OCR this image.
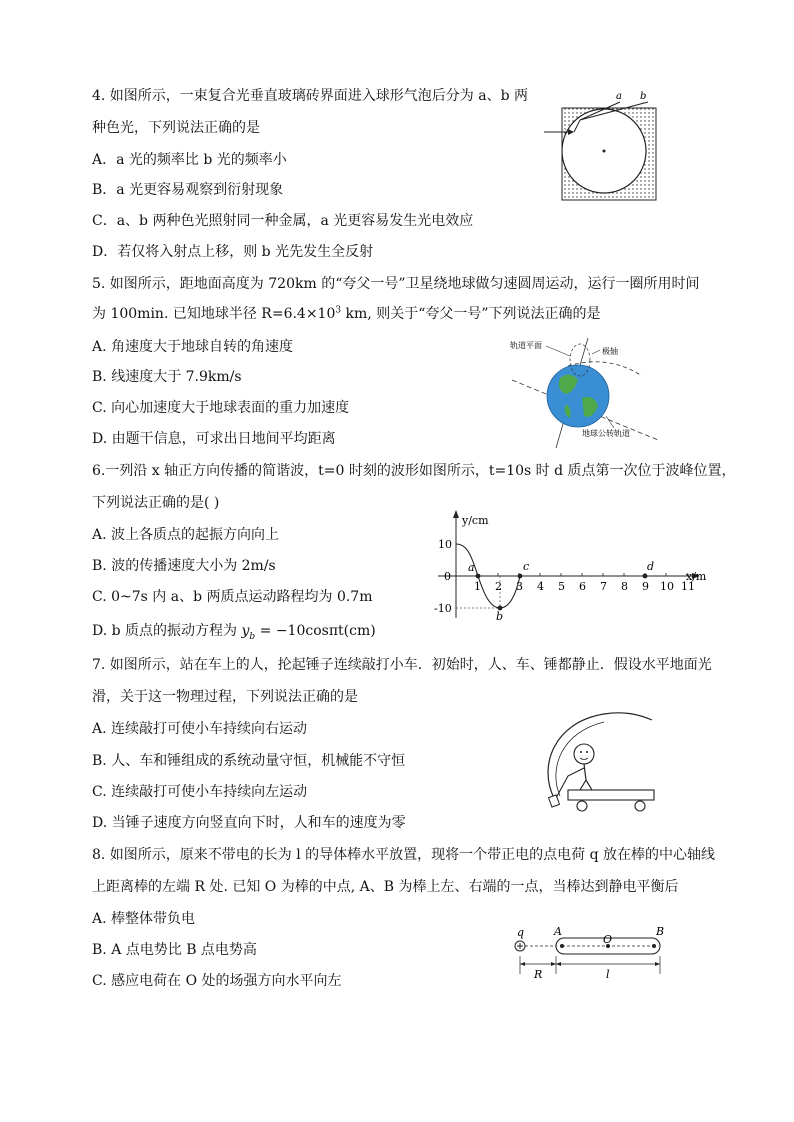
4. 如图所示，一束复合光垂直玻璃砖界面进入球形气泡后分为 a、b 两
种色光，下列说法正确的是
A．a 光的频率比 b 光的频率小
B．a 光更容易观察到衍射现象
C．a、b 两种色光照射同一种金属，a 光更容易发生光电效应
D．若仅将入射点上移，则 b 光先发生全反射
a b
5. 如图所示，距地面高度为 720km 的“夸父一号”卫星绕地球做匀速圆周运动，运行一圈所用时间
为 100min. 已知地球半径 $R=6.4\times 10^3$ km, 则关于“夸父一号”下列说法正确的是
A. 角速度大于地球自转的角速度
B. 线速度大于 7.9km/s
C. 向心加速度大于地球表面的重力加速度
D. 由题干信息，可求出日地间平均距离
轨道平面
极轴
地球公转轨道
6.一列沿 x 轴正方向传播的简谐波，t=0 时刻的波形如图所示，t=10s 时 d 质点第一次位于波峰位置，
下列说法正确的是( )
A. 波上各质点的起振方向向上
B. 波的传播速度大小为 2m/s
C. 0~7s 内 a、b 两质点运动路程均为 0.7m
D. b 质点的振动方程为 $y_b = -10\cos\pi t(cm)$
y/cm
x/m
10
0
-10
1 2 3 4 5 6 7 8 9 10 11
a
b
c	d
7. 如图所示，站在车上的人，抡起锤子连续敲打小车．初始时，人、车、锤都静止．假设水平地面光
滑，关于这一物理过程，下列说法正确的是
A. 连续敲打可使小车持续向右运动
B. 人、车和锤组成的系统动量守恒，机械能不守恒
C. 连续敲打可使小车持续向左运动
D. 当锤子速度方向竖直向下时，人和车的速度为零
8. 如图所示，原来不带电的长为 l 的导体棒水平放置，现将一个带正电的点电荷 q 放在棒的中心轴线
上距离棒的左端 R 处. 已知 O 为棒的中点, A、B 为棒上左、右端的一点，当棒达到静电平衡后
A. 棒整体带负电
B. A 点电势比 B 点电势高
C. 感应电荷在 O 处的场强方向水平向左
q	A
O
B
R	l
